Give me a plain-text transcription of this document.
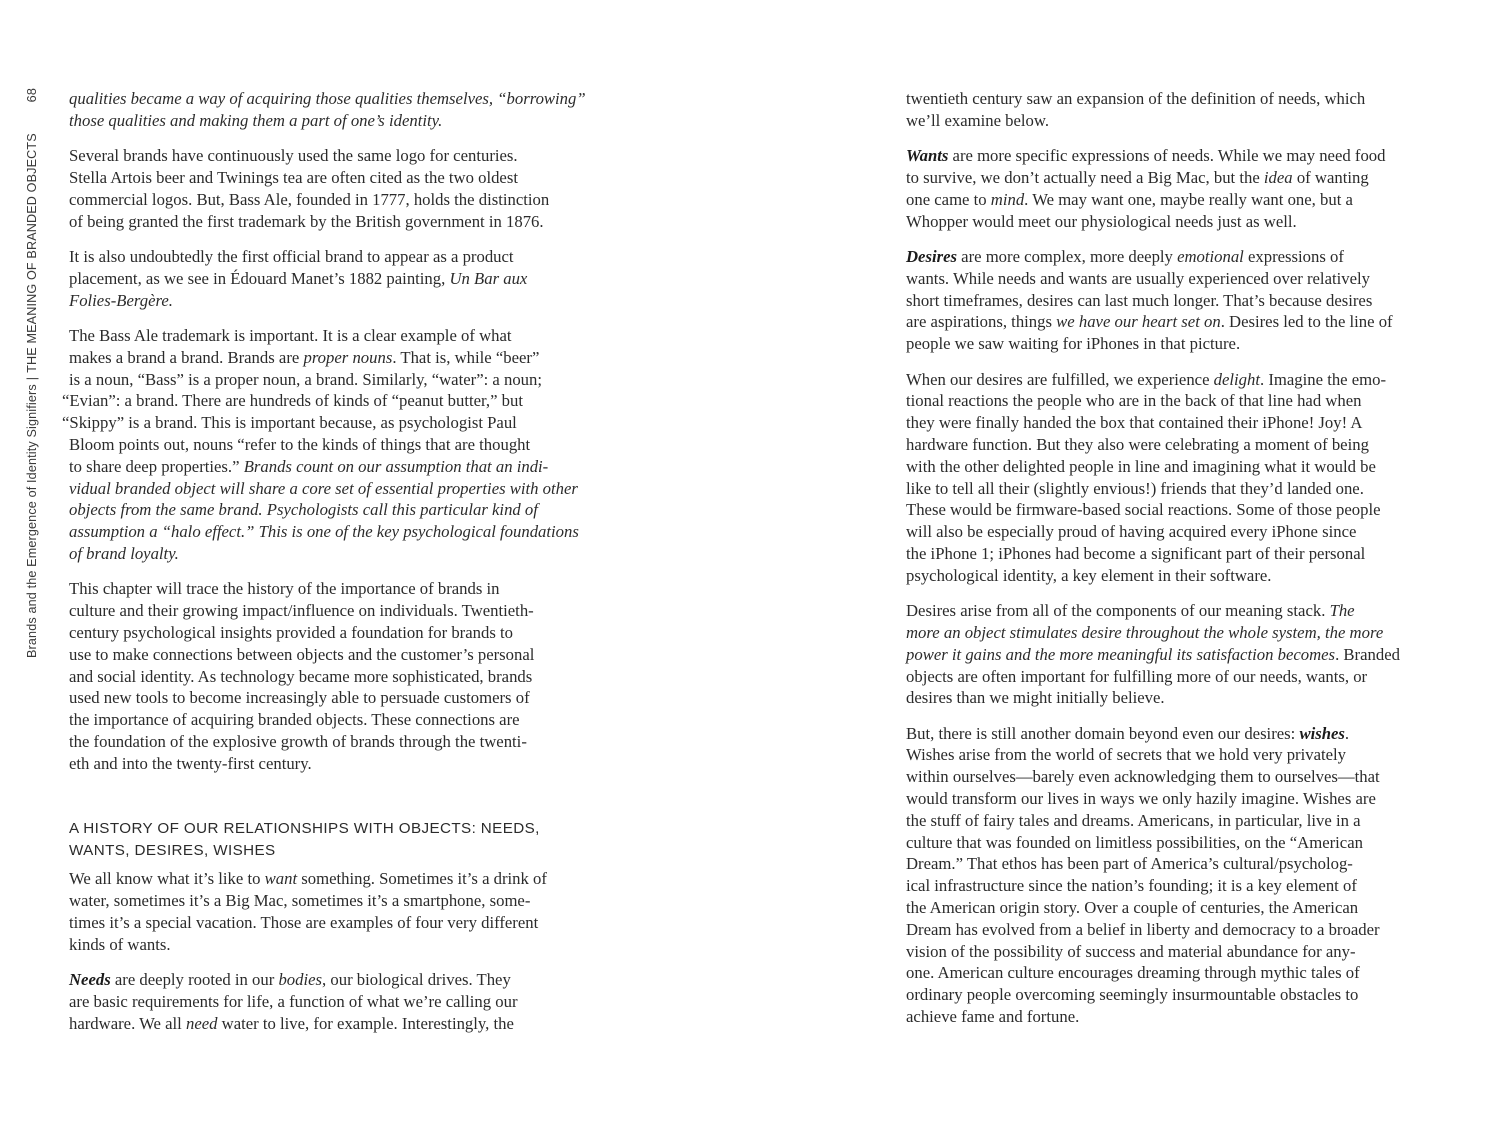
Brands and the Emergence of Identity Signifiers|THE MEANING OF BRANDED OBJECTS
68 qualities became a way of acquiring those qualities themselves, “borrowing”
those qualities and making them a part of one’s identity.

Several brands have continuously used the same logo for centuries.
Stella Artois beer and Twinings tea are often cited as the two oldest
commercial logos. But, Bass Ale, founded in 1777, holds the distinction
of being granted the first trademark by the British government in 1876.

It is also undoubtedly the first official brand to appear as a product
placement, as we see in Édouard Manet’s 1882 painting, Un Bar aux
Folies-Bergère.

The Bass Ale trademark is important. It is a clear example of what
makes a brand a brand. Brands are proper nouns. That is, while “beer”
is a noun, “Bass” is a proper noun, a brand. Similarly, “water”: a noun;
“Evian”: a brand. There are hundreds of kinds of “peanut butter,” but
“Skippy” is a brand. This is important because, as psychologist Paul
Bloom points out, nouns “refer to the kinds of things that are thought
to share deep properties.” Brands count on our assumption that an indi-
vidual branded object will share a core set of essential properties with other
objects from the same brand. Psychologists call this particular kind of
assumption a “halo effect.” This is one of the key psychological foundations
of brand loyalty.

This chapter will trace the history of the importance of brands in
culture and their growing impact/influence on individuals. Twentieth-
century psychological insights provided a foundation for brands to
use to make connections between objects and the customer’s personal
and social identity. As technology became more sophisticated, brands
used new tools to become increasingly able to persuade customers of
the importance of acquiring branded objects. These connections are
the foundation of the explosive growth of brands through the twenti-
eth and into the twenty-first century.

A HISTORY OF OUR RELATIONSHIPS WITH OBJECTS: NEEDS,
WANTS, DESIRES, WISHES

We all know what it’s like to want something. Sometimes it’s a drink of
water, sometimes it’s a Big Mac, sometimes it’s a smartphone, some-
times it’s a special vacation. Those are examples of four very different
kinds of wants.

Needs are deeply rooted in our bodies, our biological drives. They
are basic requirements for life, a function of what we’re calling our
hardware. We all need water to live, for example. Interestingly, the

twentieth century saw an expansion of the definition of needs, which
we’ll examine below.

Wants are more specific expressions of needs. While we may need food
to survive, we don’t actually need a Big Mac, but the idea of wanting
one came to mind. We may want one, maybe really want one, but a
Whopper would meet our physiological needs just as well.

Desires are more complex, more deeply emotional expressions of
wants. While needs and wants are usually experienced over relatively
short timeframes, desires can last much longer. That’s because desires
are aspirations, things we have our heart set on. Desires led to the line of
people we saw waiting for iPhones in that picture.

When our desires are fulfilled, we experience delight. Imagine the emo-
tional reactions the people who are in the back of that line had when
they were finally handed the box that contained their iPhone! Joy! A
hardware function. But they also were celebrating a moment of being
with the other delighted people in line and imagining what it would be
like to tell all their (slightly envious!) friends that they’d landed one.
These would be firmware-based social reactions. Some of those people
will also be especially proud of having acquired every iPhone since
the iPhone 1; iPhones had become a significant part of their personal
psychological identity, a key element in their software.

Desires arise from all of the components of our meaning stack. The
more an object stimulates desire throughout the whole system, the more
power it gains and the more meaningful its satisfaction becomes. Branded
objects are often important for fulfilling more of our needs, wants, or
desires than we might initially believe.

But, there is still another domain beyond even our desires: wishes.
Wishes arise from the world of secrets that we hold very privately
within ourselves—barely even acknowledging them to ourselves—that
would transform our lives in ways we only hazily imagine. Wishes are
the stuff of fairy tales and dreams. Americans, in particular, live in a
culture that was founded on limitless possibilities, on the “American
Dream.” That ethos has been part of America’s cultural/psycholog-
ical infrastructure since the nation’s founding; it is a key element of
the American origin story. Over a couple of centuries, the American
Dream has evolved from a belief in liberty and democracy to a broader
vision of the possibility of success and material abundance for any-
one. American culture encourages dreaming through mythic tales of
ordinary people overcoming seemingly insurmountable obstacles to
achieve fame and fortune.
